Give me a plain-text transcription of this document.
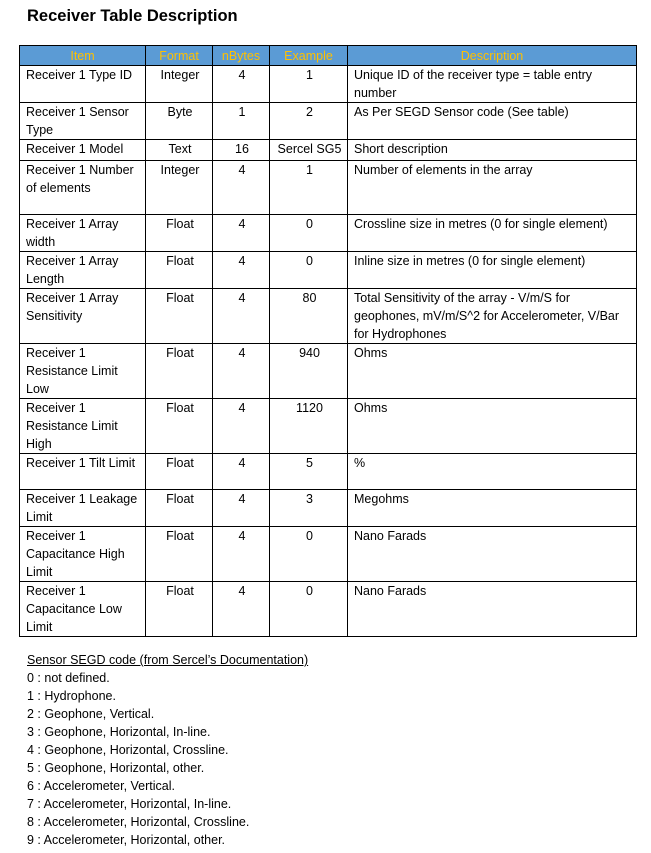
Receiver Table Description
Item	Format	nBytes	Example	Description
Receiver 1 Type ID	Integer	4	1	Unique ID of the receiver type = table entry number
Receiver 1 Sensor Type	Byte	1	2	As Per SEGD Sensor code (See table)
Receiver 1 Model	Text	16	Sercel SG5	Short description
Receiver 1 Number of elements	Integer	4	1	Number of elements in the array
Receiver 1 Array width	Float	4	0	Crossline size in metres (0 for single element)
Receiver 1 Array Length	Float	4	0	Inline size in metres (0 for single element)
Receiver 1 Array Sensitivity	Float	4	80	Total Sensitivity of the array - V/m/S for geophones, mV/m/S^2 for Accelerometer, V/Bar for Hydrophones
Receiver 1 Resistance Limit Low	Float	4	940	Ohms
Receiver 1 Resistance Limit High	Float	4	1120	Ohms
Receiver 1 Tilt Limit	Float	4	5	%
Receiver 1 Leakage Limit	Float	4	3	Megohms
Receiver 1 Capacitance High Limit	Float	4	0	Nano Farads
Receiver 1 Capacitance Low Limit	Float	4	0	Nano Farads
Sensor SEGD code (from Sercel’s Documentation)
0 : not defined.
1 : Hydrophone.
2 : Geophone, Vertical.
3 : Geophone, Horizontal, In-line.
4 : Geophone, Horizontal, Crossline.
5 : Geophone, Horizontal, other.
6 : Accelerometer, Vertical.
7 : Accelerometer, Horizontal, In-line.
8 : Accelerometer, Horizontal, Crossline.
9 : Accelerometer, Horizontal, other.
